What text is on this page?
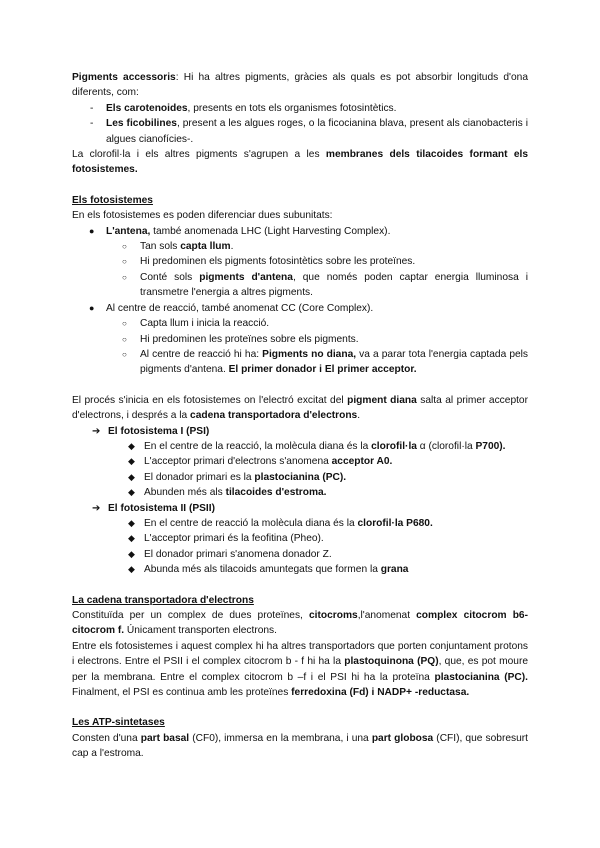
Pigments accessoris: Hi ha altres pigments, gràcies als quals es pot absorbir longituds d'ona diferents, com:

- Els carotenoides, presents en tots els organismes fotosintètics.
- Les ficobilines, present a les algues roges, o la ficocianina blava, present als cianobacteris i algues cianofícies-.

La clorofil·la i els altres pigments s'agrupen a les membranes dels tilacoides formant els fotosistemes.

Els fotosistemes

En els fotosistemes es poden diferenciar dues subunitats:

● L'antena, també anomenada LHC (Light Harvesting Complex).
○ Tan sols capta llum.
○ Hi predominen els pigments fotosintètics sobre les proteïnes.
○ Conté sols pigments d'antena, que només poden captar energia lluminosa i transmetre l'energia a altres pigments.
● Al centre de reacció, també anomenat CC (Core Complex).
○ Capta llum i inicia la reacció.
○ Hi predominen les proteïnes sobre els pigments.
○ Al centre de reacció hi ha: Pigments no diana, va a parar tota l'energia captada pels pigments d'antena. El primer donador i El primer acceptor.

El procés s'inicia en els fotosistemes on l'electró excitat del pigment diana salta al primer acceptor d'electrons, i després a la cadena transportadora d'electrons.

➔ El fotosistema I (PSI)
◆ En el centre de la reacció, la molècula diana és la clorofil·la α (clorofil·la P700).
◆ L'acceptor primari d'electrons s'anomena acceptor A0.
◆ El donador primari es la plastocianina (PC).
◆ Abunden més als tilacoides d'estroma.
➔ El fotosistema II (PSII)
◆ En el centre de reacció la molècula diana és la clorofil·la P680.
◆ L'acceptor primari és la feofitina (Pheo).
◆ El donador primari s'anomena donador Z.
◆ Abunda més als tilacoids amuntegats que formen la grana
La cadena transportadora d'electrons

Constituïda per un complex de dues proteïnes, citocroms,l'anomenat complex citocrom b6-citocrom f. Únicament transporten electrons.

Entre els fotosistemes i aquest complex hi ha altres transportadors que porten conjuntament protons i electrons. Entre el PSII i el complex citocrom b - f hi ha la plastoquinona (PQ), que, es pot moure per la membrana. Entre el complex citocrom b –f i el PSI hi ha la proteïna plastocianina (PC). Finalment, el PSI es continua amb les proteïnes ferredoxina (Fd) i NADP+ -reductasa.

Les ATP-sintetases

Consten d'una part basal (CF0), immersa en la membrana, i una part globosa (CFI), que sobresurt cap a l'estroma.
